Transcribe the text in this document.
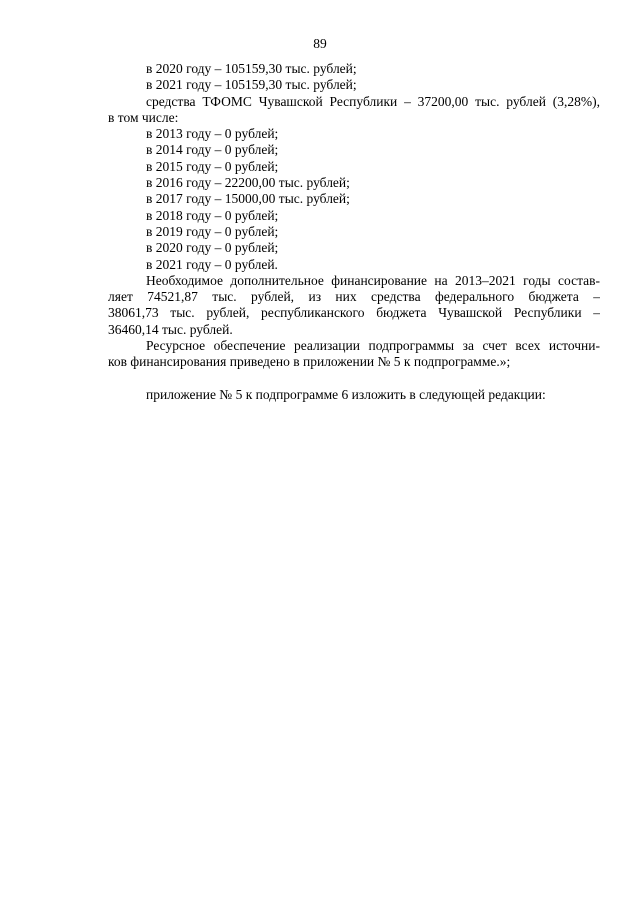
89
в 2020 году – 105159,30 тыс. рублей;
в 2021 году – 105159,30 тыс. рублей;
средства ТФОМС Чувашской Республики – 37200,00 тыс. рублей (3,28%),
в том числе:
в 2013 году – 0 рублей;
в 2014 году – 0 рублей;
в 2015 году – 0 рублей;
в 2016 году – 22200,00 тыс. рублей;
в 2017 году – 15000,00 тыс. рублей;
в 2018 году – 0 рублей;
в 2019 году – 0 рублей;
в 2020 году – 0 рублей;
в 2021 году – 0 рублей.
Необходимое дополнительное финансирование на 2013–2021 годы состав-
ляет 74521,87 тыс. рублей, из них средства федерального бюджета –
38061,73 тыс. рублей, республиканского бюджета Чувашской Республики –
36460,14 тыс. рублей.
Ресурсное обеспечение реализации подпрограммы за счет всех источни-
ков финансирования приведено в приложении № 5 к подпрограмме.»;
приложение № 5 к подпрограмме 6 изложить в следующей редакции:
